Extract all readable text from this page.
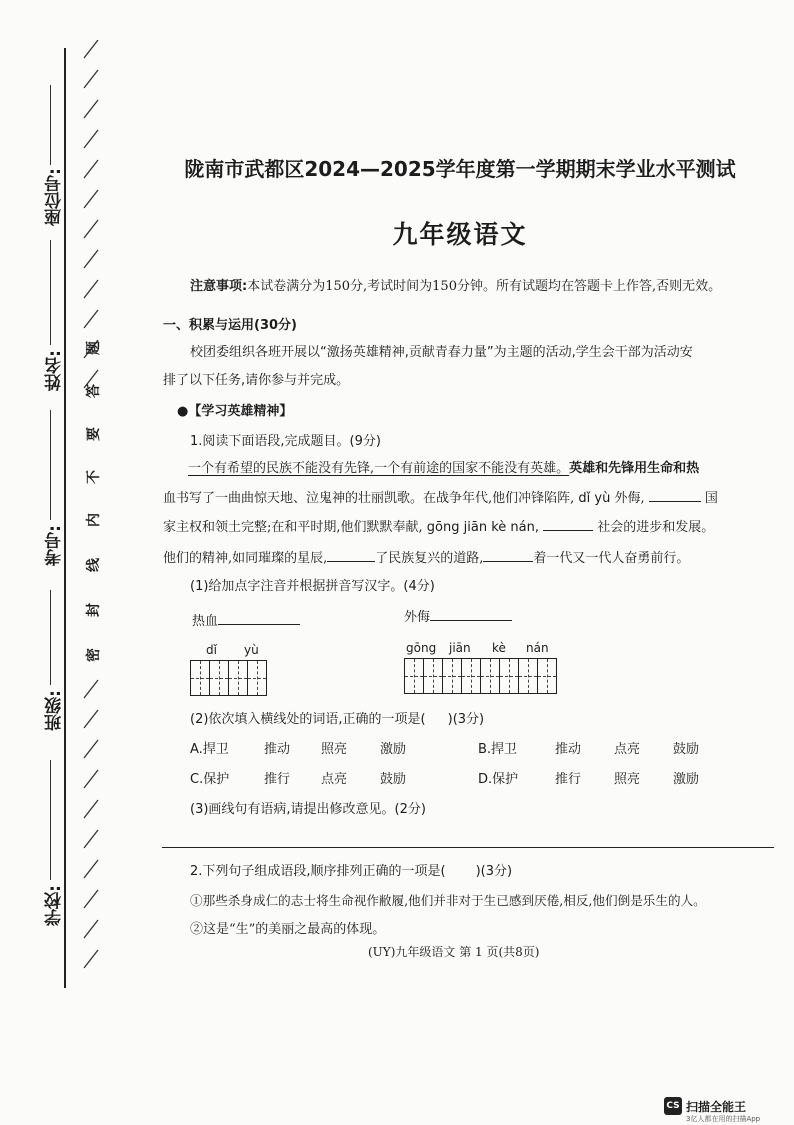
座位号:
姓名:
考号:
班级:
学校:
密
封
线
内
不
要
答
题
陇南市武都区2024—2025学年度第一学期期末学业水平测试
九年级语文
注意事项:本试卷满分为150分,考试时间为150分钟。所有试题均在答题卡上作答,否则无效。
一、积累与运用(30分)
校团委组织各班开展以“激扬英雄精神,贡献青春力量”为主题的活动,学生会干部为活动安
排了以下任务,请你参与并完成。
●【学习英雄精神】
1.阅读下面语段,完成题目。(9分)
一个有希望的民族不能没有先锋,一个有前途的国家不能没有英雄。英雄和先锋用生命和热
血书写了一曲曲惊天地、泣鬼神的壮丽凯歌。在战争年代,他们冲锋陷阵, dǐ yù 外侮,	国
家主权和领土完整;在和平时期,他们默默奉献, gōng jiān kè nán,	社会的进步和发展。
他们的精神,如同璀璨的星辰,	了民族复兴的道路,	着一代又一代人奋勇前行。
(1)给加点字注音并根据拼音写汉字。(4分)
热血	外侮
dǐ yù	gōng jiān kè nán
(2)依次填入横线处的词语,正确的一项是( )(3分)
A.捍卫	推动 照亮	激励	B.捍卫	推动	点亮	鼓励
C.保护	推行 点亮	鼓励	D.保护	推行	照亮	激励
(3)画线句有语病,请提出修改意见。(2分)
2.下列句子组成语段,顺序排列正确的一项是( )(3分)
①那些杀身成仁的志士将生命视作敝履,他们并非对于生已感到厌倦,相反,他们倒是乐生的人。
②这是“生”的美丽之最高的体现。
(UY)九年级语文 第 1 页(共8页)
CS 扫描全能王
3亿人都在用的扫描App
